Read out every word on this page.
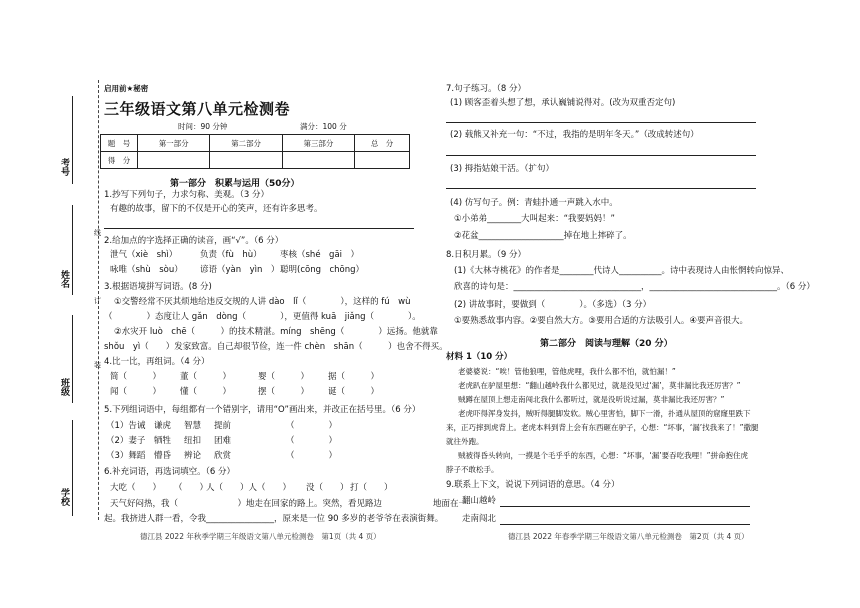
考号
姓名
班级
学校
线
订
装
启用前★秘密
三年级语文第八单元检测卷
时间：90 分钟	满分：100 分
题　号	第一部分	第二部分	第三部分	总　分
得　分				
第一部分　积累与运用（50分）
1.抄写下列句子，力求匀称、美观。（3 分）
有趣的故事，留下的不仅是开心的笑声，还有许多思考。
2.给加点的字选择正确的读音，画“√”。（6 分）
泄气（xiè　shì）	负责（fù　hù） 枣核（shé　gāi　）
咏唯（shù　sòu） 谚语（yàn　yìn　） 聪明(cōng　chōng）
3.根据语境拼写词语。(8 分)
①交警经常不厌其烦地给违反交规的人讲 dào　lǐ（　　　　），这样的 fú　wù
（　　　　）态度让人 gǎn　dòng（　　　　），更值得 kuā　jiǎng（　　　　）。
②水灾开 luò　chē（　　　）的技术精湛。míng　shēng（　　　　）远扬。他就靠
shǒu　yì（　　）发家致富。自己却很节俭，连一件 chèn　shān（　　　）也舍不得买。
4.比一比，再组词。（4 分）
简（　　　） 董（　　　）	婴（　　　） 据（　　　）
闻（　　　） 懂（　　　）	摆（　　　） 诞（　　　）
5.下列组词语中，每组都有一个错别字，请用“O”画出来，并改正在括号里。（6 分）
（1）告诫 谦虎 智慧 提前	（　　　　）
（2）妻子 牺牲 纽扣 团难	（　　　　）
（3）舞蹈 懵昏 辨论 欣赏	（　　　　）
6.补充词语，再选词填空。（6 分）
大吃（　　） （　　）
人（　　）人（　　） 没（　　） 打（　　）
天气好闷热，我（　　　　　　　）地走在回家的路上。突然，看见路边　　　　　　地面在一
起。我挤进人群一看，令我________________，原来是一位 90 多岁的老爷爷在表演街舞。
德江县 2022 年秋季学期三年级语文第八单元检测卷　第1页（共 4 页）
7.句子练习。（8 分）
(1) 顾客歪着头想了想，承认巍铺说得对。(改为双重否定句)
(2) 载熊又补充一句：“不过，我指的是明年冬天。”（改成转述句）
(3) 拇指姑娘干活。（扩句）
(4) 仿写句子。例：青蛙扑通一声跳入水中。
①小弟弟________大叫起来：“我要妈妈！”
②花盆____________________掉在地上摔碎了。
8.日积月累。（9 分）
(1)《大林寺桃花》的作者是________代诗人__________。诗中表现诗人由怅惘转向惊异、
欣喜的诗句是：______________________________，______________________________。（6 分）
(2) 讲故事时，要做到（　　　　）。（多选）（3 分）
①要熟悉故事内容。②要自然大方。③要用合适的方法吸引人。④要声音很大。
第二部分　阅读与理解（20 分）
材料 1（10 分）
老婆婆说：“唉！管他狼哩，管他虎哩，我什么都不怕，就怕漏！”
老虎趴在驴屋里想：“翻山越岭我什么都见过，就是没见过‘漏’，莫非漏比我还厉害？”
贼蹲在屋顶上想走南闯北我什么都听过，就是没听说过漏，莫非漏比我还厉害？”
老虎吓得浑身发抖，贼听得腿脚发软。贼心里害怕，脚下一滑，扑通从屋顶的窟窿里跌下
来，正巧摔到虎背上。老虎本料到背上会有东西砸在驴子，心想：“坏事，‘漏’找我来了！”撒腿
就往外跑。
贼被得昏头转向，一摸是个毛乎乎的东西，心想：“坏事，‘漏’要吞吃我哩！”拼命抱住虎
脖子不敢松手。
9.联系上下文，说说下列词语的意思。（4 分）
翻山越岭
走南闯北
德江县 2022 年春季学期三年级语文第八单元检测卷　第2页（共 4 页）
